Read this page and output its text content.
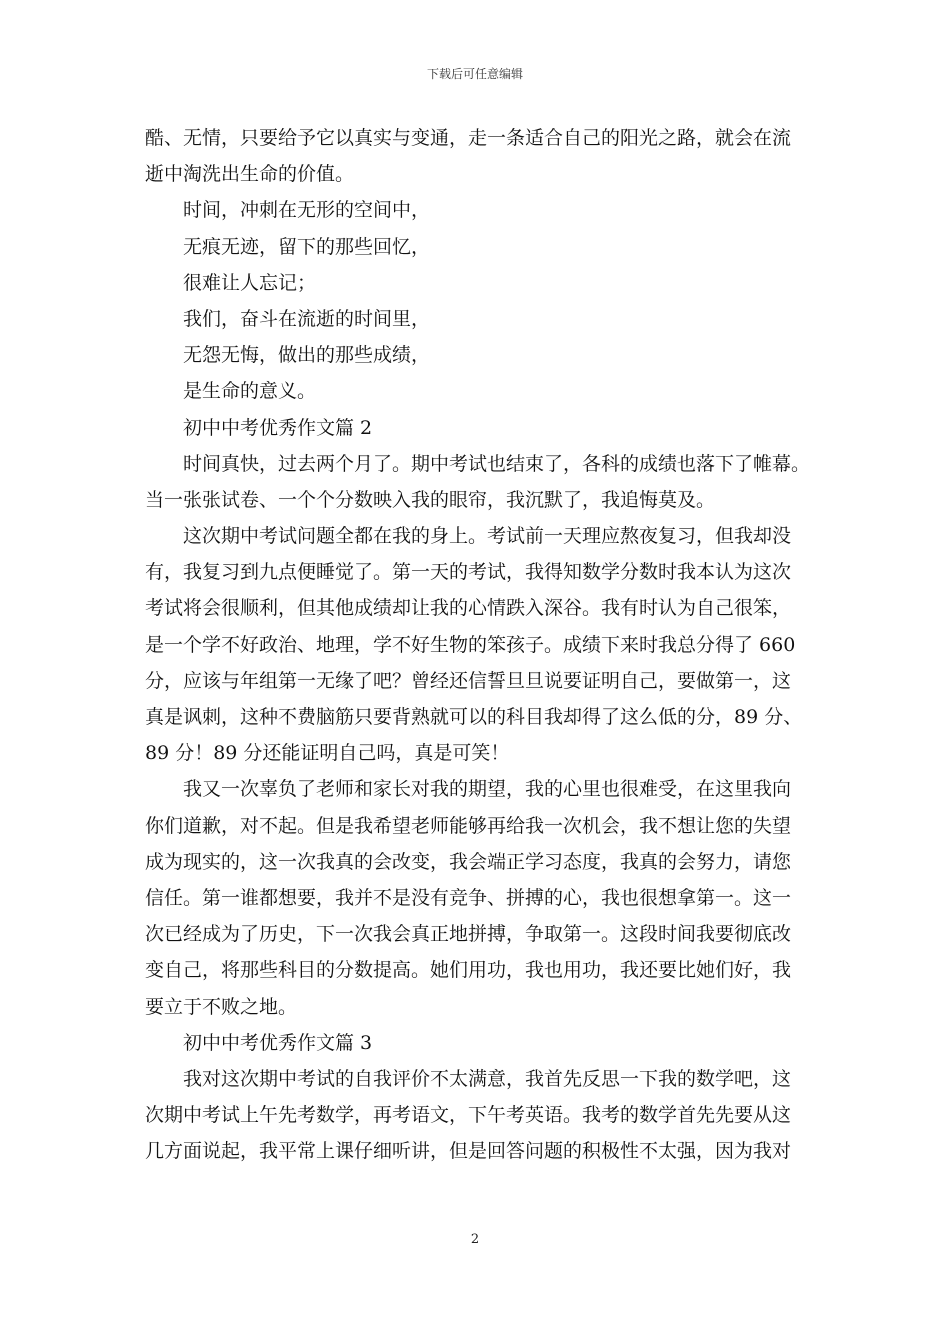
下载后可任意编辑
酷、无情，只要给予它以真实与变通，走一条适合自己的阳光之路，就会在流
逝中淘洗出生命的价值。
时间，冲刺在无形的空间中，
无痕无迹，留下的那些回忆，
很难让人忘记；
我们，奋斗在流逝的时间里，
无怨无悔，做出的那些成绩，
是生命的意义。
初中中考优秀作文篇 2
时间真快，过去两个月了。期中考试也结束了，各科的成绩也落下了帷幕。
当一张张试卷、一个个分数映入我的眼帘，我沉默了，我追悔莫及。
这次期中考试问题全都在我的身上。考试前一天理应熬夜复习，但我却没
有，我复习到九点便睡觉了。第一天的考试，我得知数学分数时我本认为这次
考试将会很顺利，但其他成绩却让我的心情跌入深谷。我有时认为自己很笨，
是一个学不好政治、地理，学不好生物的笨孩子。成绩下来时我总分得了 660
分，应该与年组第一无缘了吧？曾经还信誓旦旦说要证明自己，要做第一，这
真是讽刺，这种不费脑筋只要背熟就可以的科目我却得了这么低的分，89 分、
89 分！89 分还能证明自己吗，真是可笑！
我又一次辜负了老师和家长对我的期望，我的心里也很难受，在这里我向
你们道歉，对不起。但是我希望老师能够再给我一次机会，我不想让您的失望
成为现实的，这一次我真的会改变，我会端正学习态度，我真的会努力，请您
信任。第一谁都想要，我并不是没有竞争、拼搏的心，我也很想拿第一。这一
次已经成为了历史，下一次我会真正地拼搏，争取第一。这段时间我要彻底改
变自己，将那些科目的分数提高。她们用功，我也用功，我还要比她们好，我
要立于不败之地。
初中中考优秀作文篇 3
我对这次期中考试的自我评价不太满意，我首先反思一下我的数学吧，这
次期中考试上午先考数学，再考语文，下午考英语。我考的数学首先先要从这
几方面说起，我平常上课仔细听讲，但是回答问题的积极性不太强，因为我对
2
